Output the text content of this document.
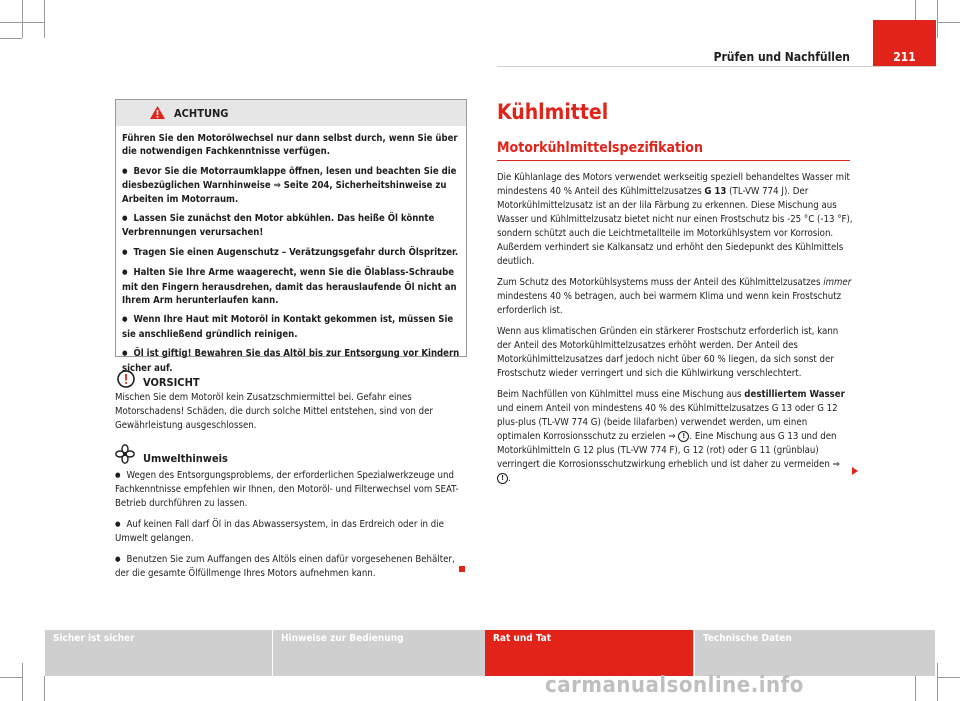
Prüfen und Nachfüllen	211
ACHTUNG

Führen Sie den Motorölwechsel nur dann selbst durch, wenn Sie über die notwendigen Fachkenntnisse verfügen.

● Bevor Sie die Motorraumklappe öffnen, lesen und beachten Sie die diesbezüglichen Warnhinweise ⇒ Seite 204, Sicherheitshinweise zu Arbeiten im Motorraum.

● Lassen Sie zunächst den Motor abkühlen. Das heiße Öl könnte Verbrennungen verursachen!

● Tragen Sie einen Augenschutz – Verätzungsgefahr durch Ölspritzer.

● Halten Sie Ihre Arme waagerecht, wenn Sie die Ölablass-Schraube mit den Fingern herausdrehen, damit das herauslaufende Öl nicht an Ihrem Arm herunterlaufen kann.

● Wenn Ihre Haut mit Motoröl in Kontakt gekommen ist, müssen Sie sie anschließend gründlich reinigen.

● Öl ist giftig! Bewahren Sie das Altöl bis zur Entsorgung vor Kindern sicher auf.

VORSICHT

Mischen Sie dem Motoröl kein Zusatzschmiermittel bei. Gefahr eines Motorschadens! Schäden, die durch solche Mittel entstehen, sind von der Gewährleistung ausgeschlossen.

Umwelthinweis

● Wegen des Entsorgungsproblems, der erforderlichen Spezialwerkzeuge und Fachkenntnisse empfehlen wir Ihnen, den Motoröl- und Filterwechsel vom SEAT-Betrieb durchführen zu lassen.

● Auf keinen Fall darf Öl in das Abwassersystem, in das Erdreich oder in die Umwelt gelangen.

● Benutzen Sie zum Auffangen des Altöls einen dafür vorgesehenen Behälter, der die gesamte Ölfüllmenge Ihres Motors aufnehmen kann.

Kühlmittel
Motorkühlmittelspezifikation

Die Kühlanlage des Motors verwendet werkseitig speziell behandeltes Wasser mit mindestens 40 % Anteil des Kühlmittelzusatzes G 13 (TL-VW 774 J). Der Motorkühlmittelzusatz ist an der lila Färbung zu erkennen. Diese Mischung aus Wasser und Kühlmittelzusatz bietet nicht nur einen Frostschutz bis -25 °C (-13 °F), sondern schützt auch die Leichtmetallteile im Motorkühlsystem vor Korrosion. Außerdem verhindert sie Kalkansatz und erhöht den Siedepunkt des Kühlmittels deutlich.

Zum Schutz des Motorkühlsystems muss der Anteil des Kühlmittelzusatzes immer mindestens 40 % betragen, auch bei warmem Klima und wenn kein Frostschutz erforderlich ist.

Wenn aus klimatischen Gründen ein stärkerer Frostschutz erforderlich ist, kann der Anteil des Motorkühlmittelzusatzes erhöht werden. Der Anteil des Motorkühlmittelzusatzes darf jedoch nicht über 60 % liegen, da sich sonst der Frostschutz wieder verringert und sich die Kühlwirkung verschlechtert.

Beim Nachfüllen von Kühlmittel muss eine Mischung aus destilliertem Wasser und einem Anteil von mindestens 40 % des Kühlmittelzusatzes G 13 oder G 12 plus-plus (TL-VW 774 G) (beide lilafarben) verwendet werden, um einen optimalen Korrosionsschutz zu erzielen ⇒ ! . Eine Mischung aus G 13 und den Motorkühlmitteln G 12 plus (TL-VW 774 F), G 12 (rot) oder G 11 (grünblau) verringert die Korrosionsschutzwirkung erheblich und ist daher zu vermeiden ⇒ ! .

Sicher ist sicher	Hinweise zur Bedienung	Rat und Tat	Technische Daten
carmanualsonline.info
